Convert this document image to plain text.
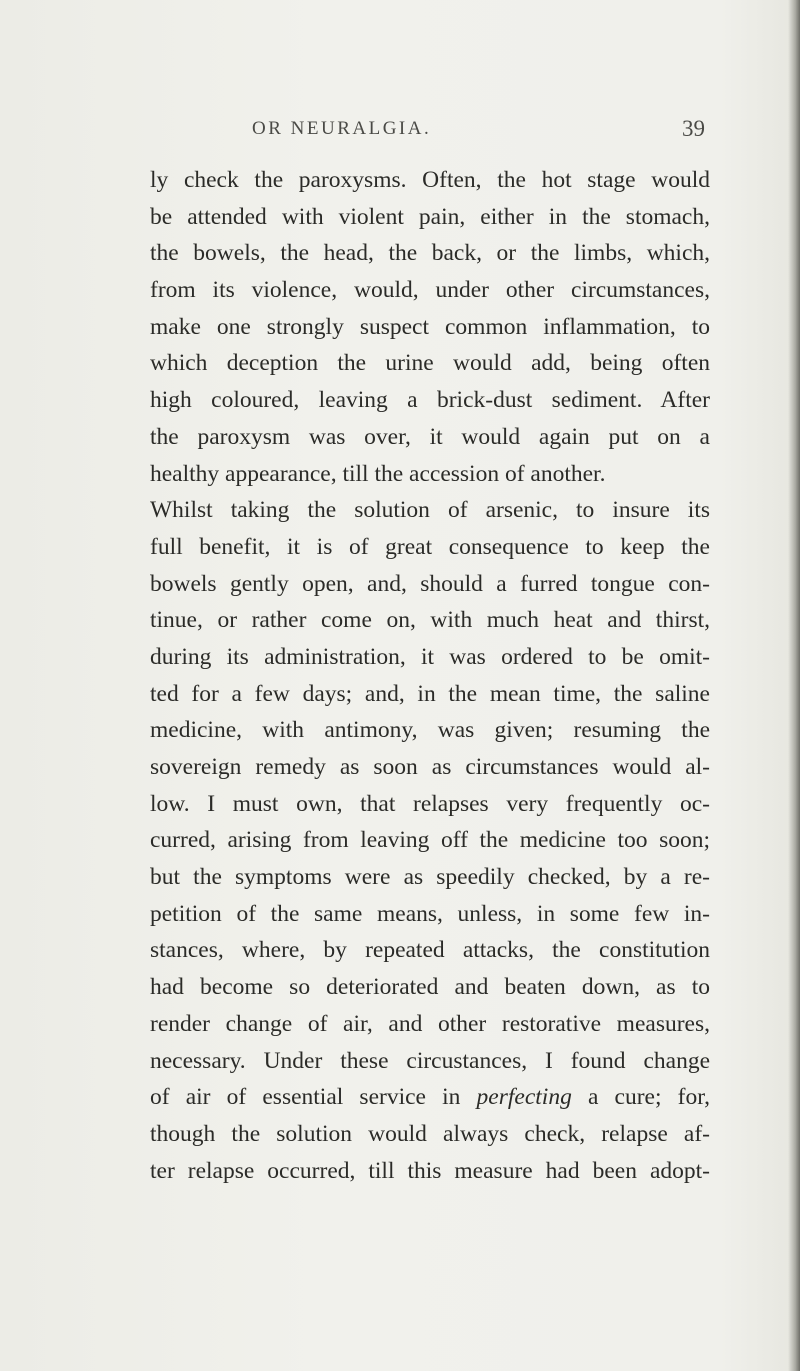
OR NEURALGIA.	39
ly check the paroxysms. Often, the hot stage would
be attended with violent pain, either in the stomach,
the bowels, the head, the back, or the limbs, which,
from its violence, would, under other circumstances,
make one strongly suspect common inflammation, to
which deception the urine would add, being often
high coloured, leaving a brick-dust sediment. After
the paroxysm was over, it would again put on a
healthy appearance, till the accession of another.
Whilst taking the solution of arsenic, to insure its
full benefit, it is of great consequence to keep the
bowels gently open, and, should a furred tongue con-
tinue, or rather come on, with much heat and thirst,
during its administration, it was ordered to be omit-
ted for a few days; and, in the mean time, the saline
medicine, with antimony, was given; resuming the
sovereign remedy as soon as circumstances would al-
low. I must own, that relapses very frequently oc-
curred, arising from leaving off the medicine too soon;
but the symptoms were as speedily checked, by a re-
petition of the same means, unless, in some few in-
stances, where, by repeated attacks, the constitution
had become so deteriorated and beaten down, as to
render change of air, and other restorative measures,
necessary. Under these circustances, I found change
of air of essential service in perfecting a cure; for,
though the solution would always check, relapse af-
ter relapse occurred, till this measure had been adopt-
